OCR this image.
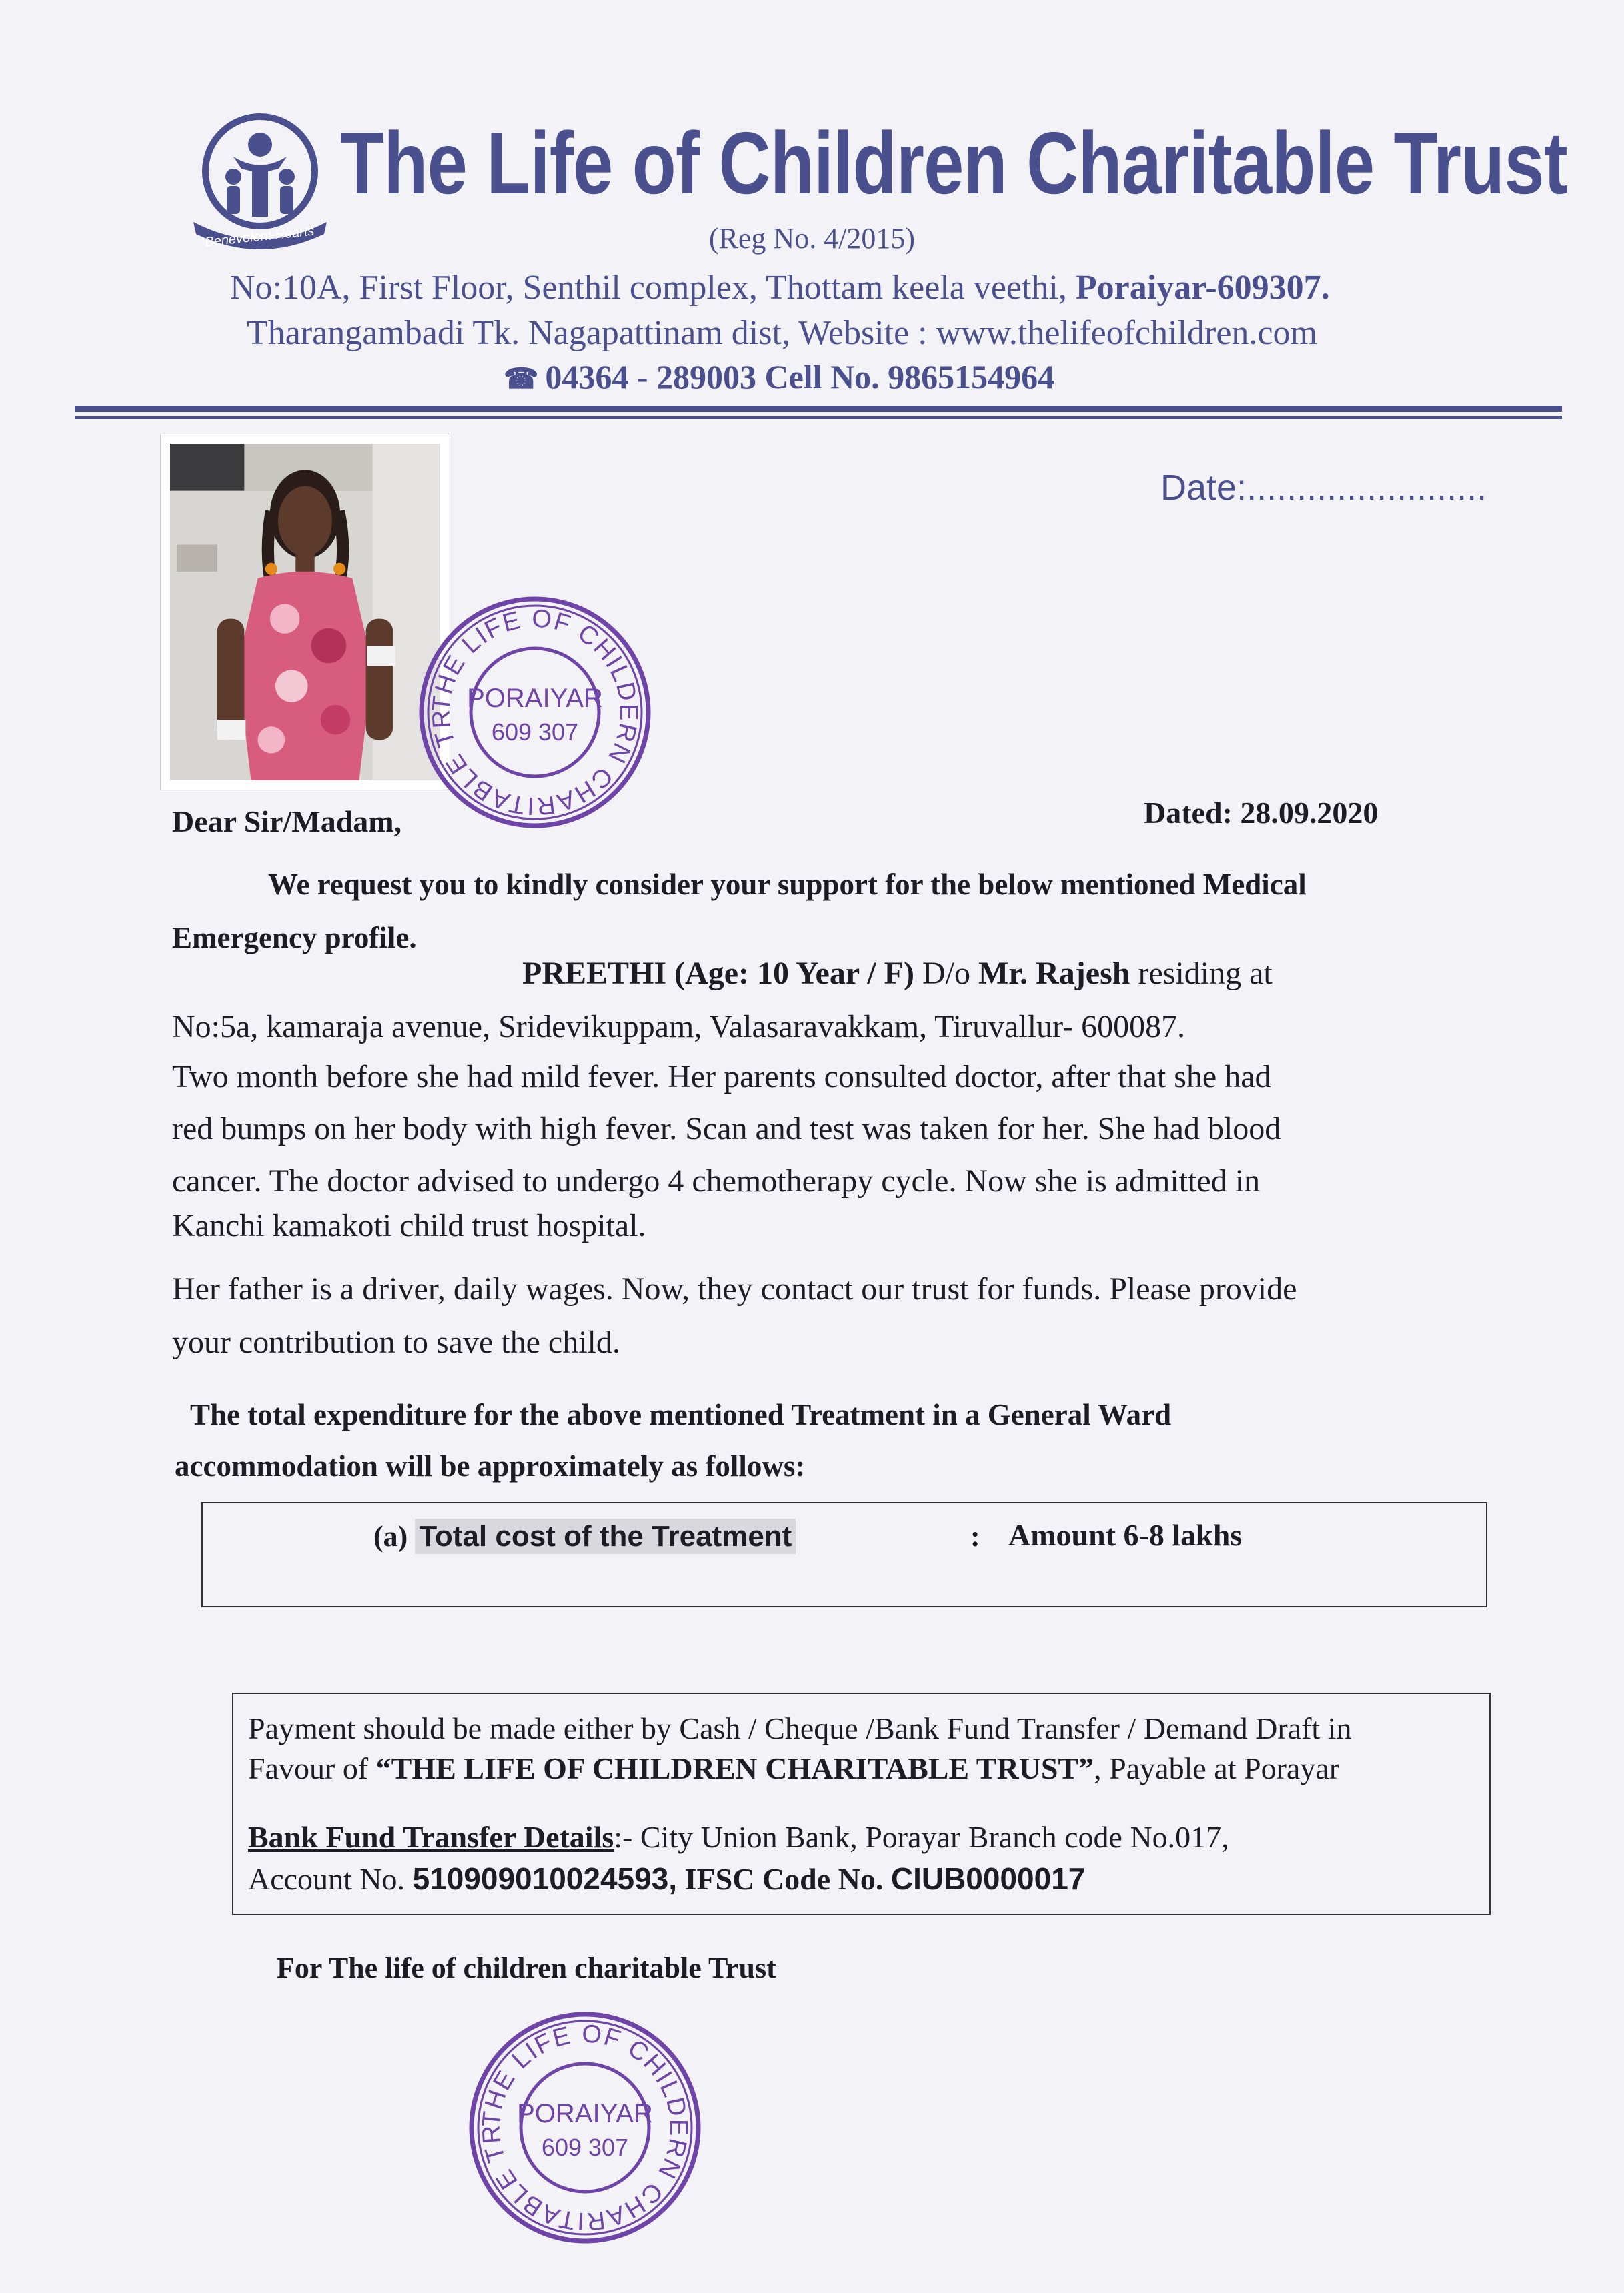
Benevolent Hearts
The Life of Children Charitable Trust
(Reg No. 4/2015)
No:10A, First Floor, Senthil complex, Thottam keela veethi, Poraiyar-609307.
Tharangambadi Tk. Nagapattinam dist, Website : www.thelifeofchildren.com
☎ 04364 - 289003 Cell No. 9865154964
Date:........................
THE LIFE OF CHILDERN CHARITABLE TR
PORAIYAR
609 307
Dear Sir/Madam,	Dated: 28.09.2020
We request you to kindly consider your support for the below mentioned Medical
Emergency profile.
PREETHI (Age: 10 Year / F) D/o Mr. Rajesh residing at
No:5a, kamaraja avenue, Sridevikuppam, Valasaravakkam, Tiruvallur- 600087.
Two month before she had mild fever. Her parents consulted doctor, after that she had
red bumps on her body with high fever. Scan and test was taken for her. She had blood
cancer. The doctor advised to undergo 4 chemotherapy cycle. Now she is admitted in
Kanchi kamakoti child trust hospital.
Her father is a driver, daily wages. Now, they contact our trust for funds. Please provide
your contribution to save the child.
The total expenditure for the above mentioned Treatment in a General Ward
accommodation will be approximately as follows:
(a) Total cost of the Treatment	: Amount 6-8 lakhs
Payment should be made either by Cash / Cheque /Bank Fund Transfer / Demand Draft in
Favour of “THE LIFE OF CHILDREN CHARITABLE TRUST”, Payable at Porayar
Bank Fund Transfer Details:- City Union Bank, Porayar Branch code No.017,
Account No. 510909010024593, IFSC Code No. CIUB0000017
For The life of children charitable Trust
THE LIFE OF CHILDERN CHARITABLE TR
PORAIYAR
609 307
